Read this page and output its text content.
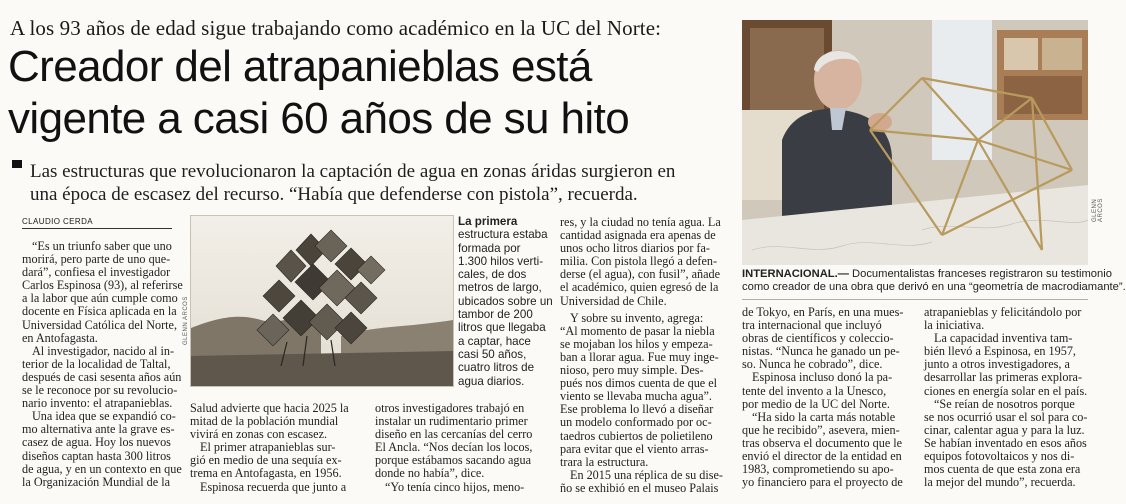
A los 93 años de edad sigue trabajando como académico en la UC del Norte:
Creador del atrapanieblas está
vigente a casi 60 años de su hito
Las estructuras que revolucionaron la captación de agua en zonas áridas surgieron en
una época de escasez del recurso. “Había que defenderse con pistola”, recuerda.
CLAUDIO CERDA
GLENN ARCOS
La primera
estructura estaba
formada por
1.300 hilos verti-
cales, de dos
metros de largo,
ubicados sobre un
tambor de 200
litros que llegaba
a captar, hace
casi 50 años,
cuatro litros de
agua diarios.
GLENN ARCOS
INTERNACIONAL.— Documentalistas franceses registraron su testimonio
como creador de una obra que derivó en una “geometría de macrodiamante”.

“Es un triunfo saber que uno

morirá, pero parte de uno que-
dará”, confiesa el investigador
Carlos Espinosa (93), al referirse
a la labor que aún cumple como
docente en Física aplicada en la
Universidad Católica del Norte,
en Antofagasta.

Al investigador, nacido al in-

terior de la localidad de Taltal,
después de casi sesenta años aún
se le reconoce por su revolucio-
nario invento: el atrapanieblas.

Una idea que se expandió co-

mo alternativa ante la grave es-
casez de agua. Hoy los nuevos
diseños captan hasta 300 litros
de agua, y en un contexto en que
la Organización Mundial de la

Salud advierte que hacia 2025 la
mitad de la población mundial
vivirá en zonas con escasez.

El primer atrapanieblas sur-

gió en medio de una sequía ex-
trema en Antofagasta, en 1956.

Espinosa recuerda que junto a

otros investigadores trabajó en
instalar un rudimentario primer
diseño en las cercanías del cerro
El Ancla. “Nos decían los locos,
porque estábamos sacando agua
donde no había”, dice.

“Yo tenía cinco hijos, meno-

res, y la ciudad no tenía agua. La
cantidad asignada era apenas de
unos ocho litros diarios por fa-
milia. Con pistola llegó a defen-
derse (el agua), con fusil”, añade
el académico, quien egresó de la
Universidad de Chile.

Y sobre su invento, agrega:

“Al momento de pasar la niebla
se mojaban los hilos y empeza-
ban a llorar agua. Fue muy inge-
nioso, pero muy simple. Des-
pués nos dimos cuenta de que el
viento se llevaba mucha agua”.
Ese problema lo llevó a diseñar
un modelo conformado por oc-
taedros cubiertos de polietileno
para evitar que el viento arras-
trara la estructura.

En 2015 una réplica de su dise-

ño se exhibió en el museo Palais

de Tokyo, en París, en una mues-
tra internacional que incluyó
obras de científicos y coleccio-
nistas. “Nunca he ganado un pe-
so. Nunca he cobrado”, dice.

Espinosa incluso donó la pa-

tente del invento a la Unesco,
por medio de la UC del Norte.

“Ha sido la carta más notable

que he recibido”, asevera, mien-
tras observa el documento que le
envió el director de la entidad en
1983, comprometiendo su apo-
yo financiero para el proyecto de

atrapanieblas y felicitándolo por
la iniciativa.

La capacidad inventiva tam-

bién llevó a Espinosa, en 1957,
junto a otros investigadores, a
desarrollar las primeras explora-
ciones en energía solar en el país.

“Se reían de nosotros porque

se nos ocurrió usar el sol para co-
cinar, calentar agua y para la luz.
Se habían inventado en esos años
equipos fotovoltaicos y nos di-
mos cuenta de que esta zona era
la mejor del mundo”, recuerda.
